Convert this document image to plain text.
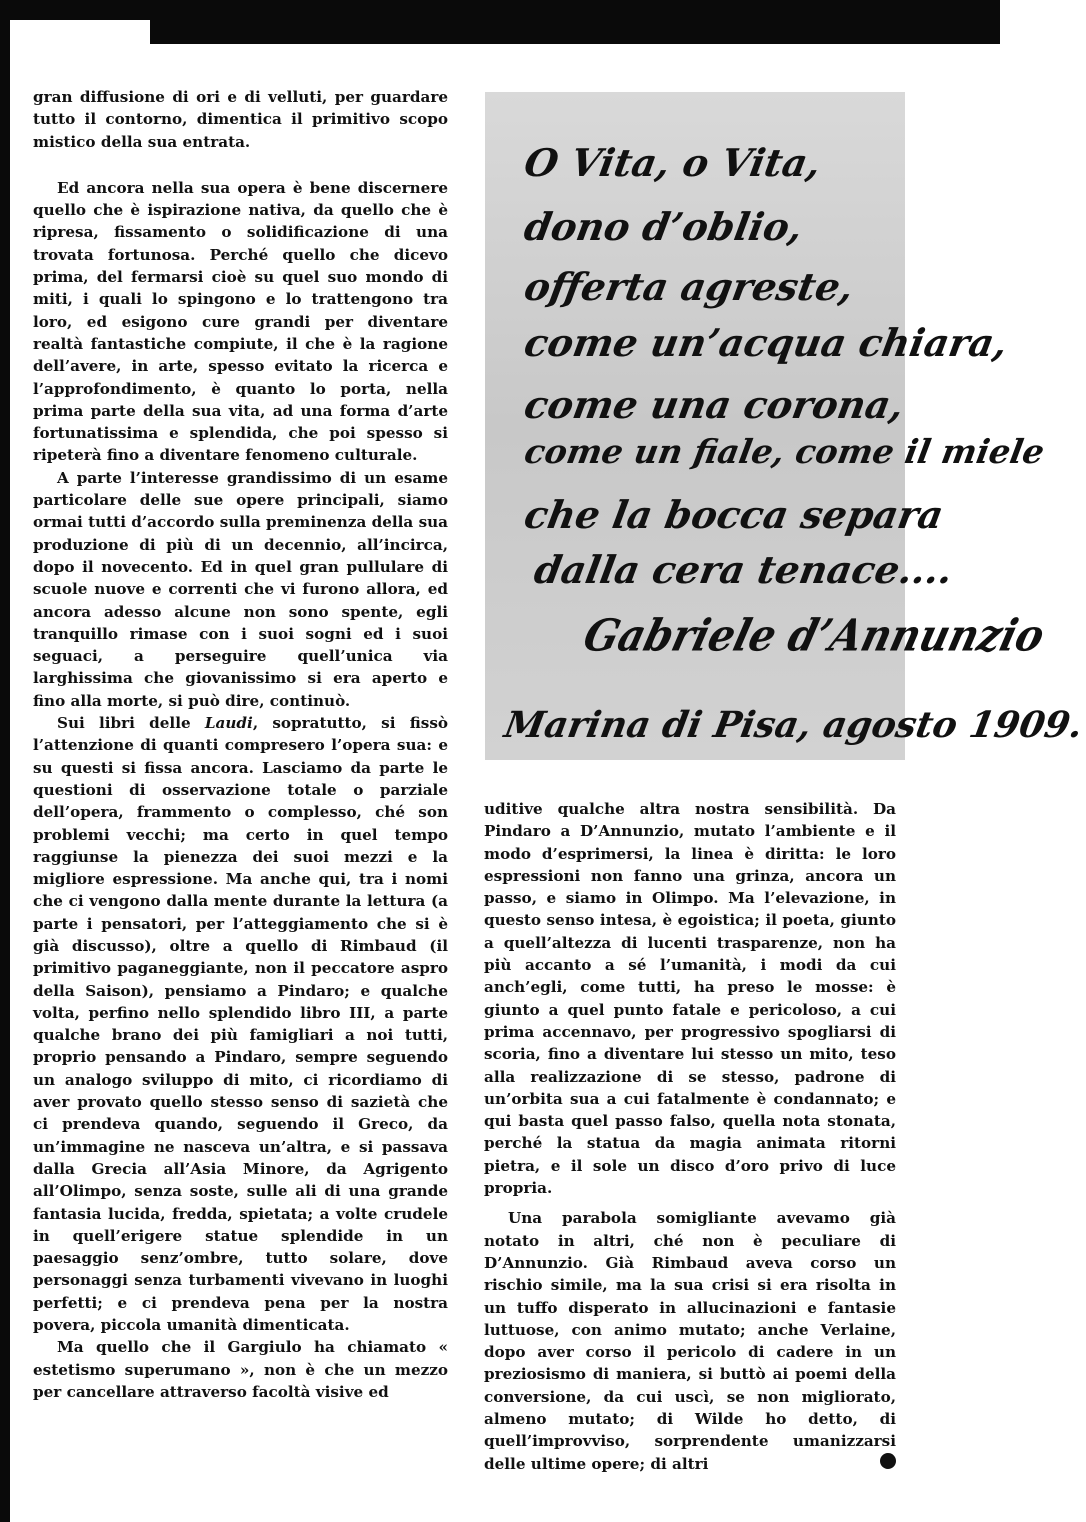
gran diffusione di ori e di velluti, per guardare tutto il contorno, dimentica il primitivo scopo mistico della sua entrata.

Ed ancora nella sua opera è bene discernere quello che è ispirazione nativa, da quello che è ripresa, fissamento o solidificazione di una trovata fortunosa. Perché quello che dicevo prima, del fermarsi cioè su quel suo mondo di miti, i quali lo spingono e lo trattengono tra loro, ed esigono cure grandi per diventare realtà fantastiche compiute, il che è la ragione dell’avere, in arte, spesso evitato la ricerca e l’approfondimento, è quanto lo porta, nella prima parte della sua vita, ad una forma d’arte fortunatissima e splendida, che poi spesso si ripeterà fino a diventare fenomeno culturale.

A parte l’interesse grandissimo di un esame particolare delle sue opere principali, siamo ormai tutti d’accordo sulla preminenza della sua produzione di più di un decennio, all’incirca, dopo il novecento. Ed in quel gran pullulare di scuole nuove e correnti che vi furono allora, ed ancora adesso alcune non sono spente, egli tranquillo rimase con i suoi sogni ed i suoi seguaci, a perseguire quell’unica via larghissima che giovanissimo si era aperto e fino alla morte, si può dire, continuò.

Sui libri delle Laudi, sopratutto, si fissò l’attenzione di quanti compresero l’opera sua: e su questi si fissa ancora. Lasciamo da parte le questioni di osservazione totale o parziale dell’opera, frammento o complesso, ché son problemi vecchi; ma certo in quel tempo raggiunse la pienezza dei suoi mezzi e la migliore espressione. Ma anche qui, tra i nomi che ci vengono dalla mente durante la lettura (a parte i pensatori, per l’atteggiamento che si è già discusso), oltre a quello di Rimbaud (il primitivo paganeggiante, non il peccatore aspro della Saison), pensiamo a Pindaro; e qualche volta, perfino nello splendido libro III, a parte qualche brano dei più famigliari a noi tutti, proprio pensando a Pindaro, sempre seguendo un analogo sviluppo di mito, ci ricordiamo di aver provato quello stesso senso di sazietà che ci prendeva quando, seguendo il Greco, da un’immagine ne nasceva un’altra, e si passava dalla Grecia all’Asia Minore, da Agrigento all’Olimpo, senza soste, sulle ali di una grande fantasia lucida, fredda, spietata; a volte crudele in quell’erigere statue splendide in un paesaggio senz’ombre, tutto solare, dove personaggi senza turbamenti vivevano in luoghi perfetti; e ci prendeva pena per la nostra povera, piccola umanità dimenticata.

Ma quello che il Gargiulo ha chiamato « estetismo superumano », non è che un mezzo per cancellare attraverso facoltà visive ed

O Vita, o Vita,
dono d’oblio,
offerta agreste,
come un’acqua chiara,
come una corona,
come un fiale, come il miele
che la bocca separa
dalla cera tenace....
Gabriele d’Annunzio
Marina di Pisa, agosto 1909.

uditive qualche altra nostra sensibilità. Da Pindaro a D’Annunzio, mutato l’ambiente e il modo d’esprimersi, la linea è diritta: le loro espressioni non fanno una grinza, ancora un passo, e siamo in Olimpo. Ma l’elevazione, in questo senso intesa, è egoistica; il poeta, giunto a quell’altezza di lucenti trasparenze, non ha più accanto a sé l’umanità, i modi da cui anch’egli, come tutti, ha preso le mosse: è giunto a quel punto fatale e pericoloso, a cui prima accennavo, per progressivo spogliarsi di scoria, fino a diventare lui stesso un mito, teso alla realizzazione di se stesso, padrone di un’orbita sua a cui fatalmente è condannato; e qui basta quel passo falso, quella nota stonata, perché la statua da magia animata ritorni pietra, e il sole un disco d’oro privo di luce propria.

Una parabola somigliante avevamo già notato in altri, ché non è peculiare di D’Annunzio. Già Rimbaud aveva corso un rischio simile, ma la sua crisi si era risolta in un tuffo disperato in allucinazioni e fantasie luttuose, con animo mutato; anche Verlaine, dopo aver corso il pericolo di cadere in un preziosismo di maniera, si buttò ai poemi della conversione, da cui uscì, se non migliorato, almeno mutato; di Wilde ho detto, di quell’improvviso, sorprendente umanizzarsi delle ultime opere; di altri
